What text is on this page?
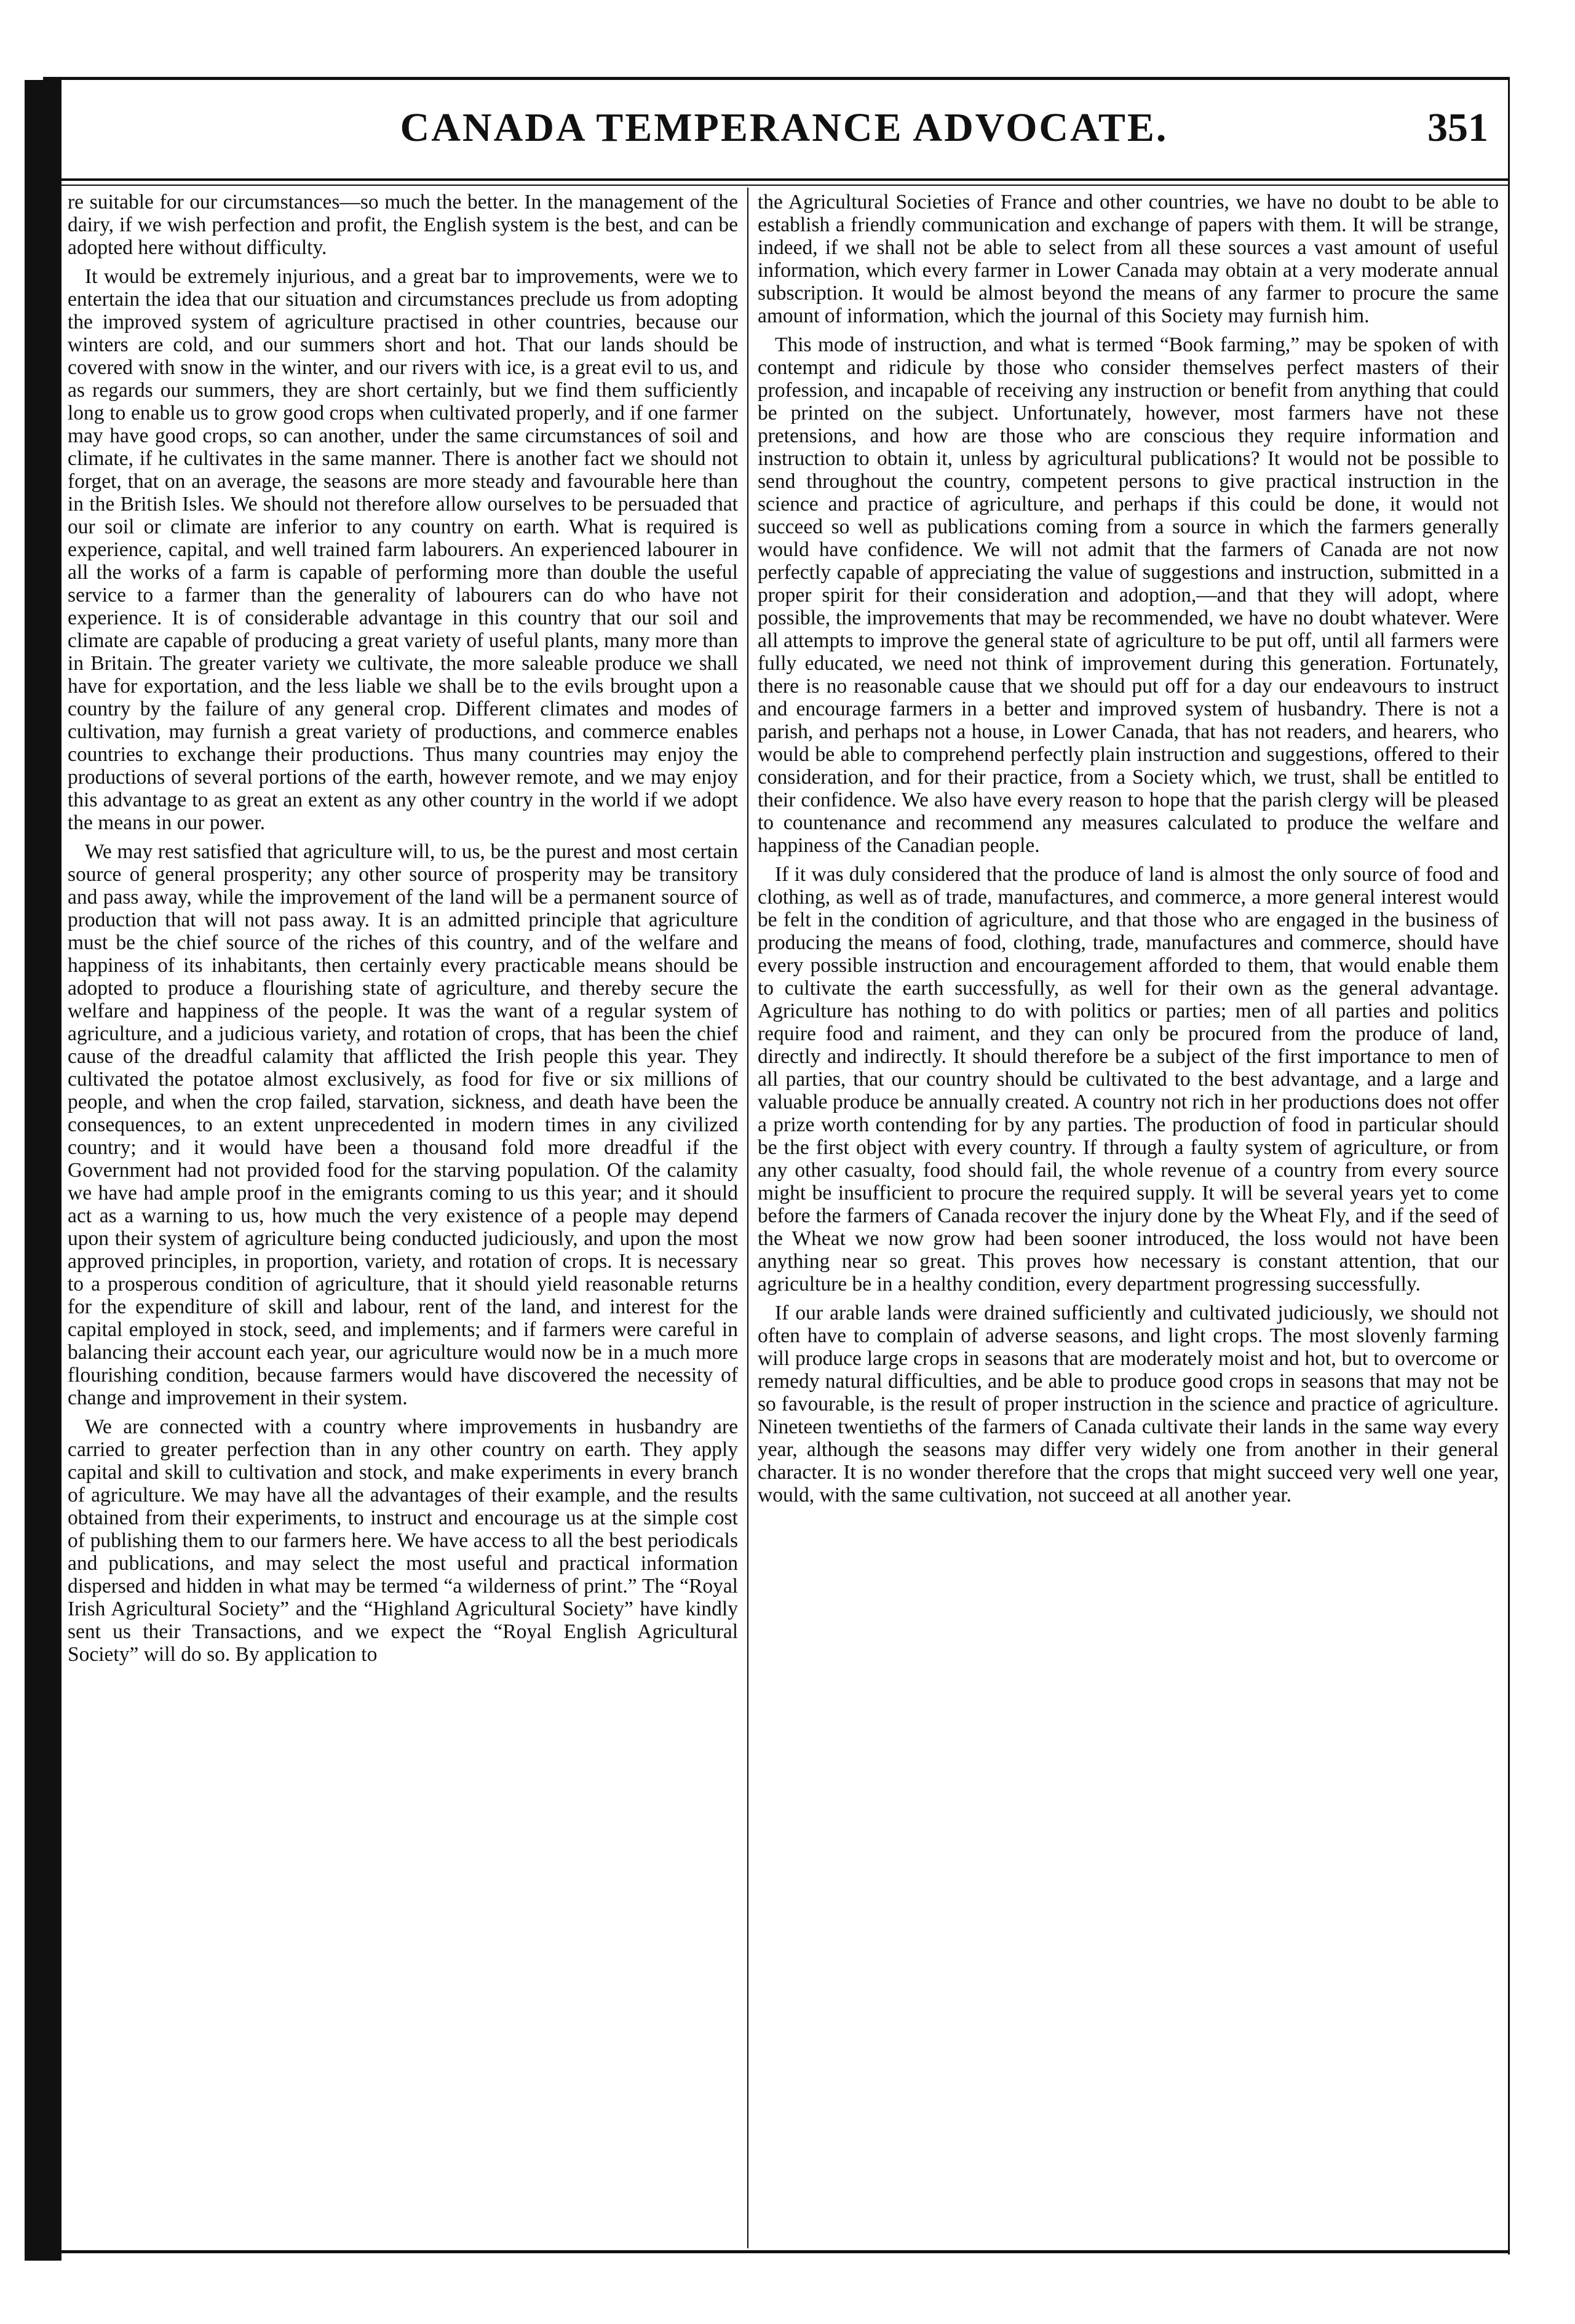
CANADA TEMPERANCE ADVOCATE.	351

re suitable for our circumstances—so much the better. In the management of the dairy, if we wish perfection and profit, the English system is the best, and can be adopted here without difficulty.

It would be extremely injurious, and a great bar to improvements, were we to entertain the idea that our situation and circumstances preclude us from adopting the improved system of agriculture practised in other countries, because our winters are cold, and our summers short and hot. That our lands should be covered with snow in the winter, and our rivers with ice, is a great evil to us, and as regards our summers, they are short certainly, but we find them sufficiently long to enable us to grow good crops when cultivated properly, and if one farmer may have good crops, so can another, under the same circumstances of soil and climate, if he cultivates in the same manner. There is another fact we should not forget, that on an average, the seasons are more steady and favourable here than in the British Isles. We should not therefore allow ourselves to be persuaded that our soil or climate are inferior to any country on earth. What is required is experience, capital, and well trained farm labourers. An experienced labourer in all the works of a farm is capable of performing more than double the useful service to a farmer than the generality of labourers can do who have not experience. It is of considerable advantage in this country that our soil and climate are capable of producing a great variety of useful plants, many more than in Britain. The greater variety we cultivate, the more saleable produce we shall have for exportation, and the less liable we shall be to the evils brought upon a country by the failure of any general crop. Different climates and modes of cultivation, may furnish a great variety of productions, and commerce enables countries to exchange their productions. Thus many countries may enjoy the productions of several portions of the earth, however remote, and we may enjoy this advantage to as great an extent as any other country in the world if we adopt the means in our power.

We may rest satisfied that agriculture will, to us, be the purest and most certain source of general prosperity; any other source of prosperity may be transitory and pass away, while the improvement of the land will be a permanent source of production that will not pass away. It is an admitted principle that agriculture must be the chief source of the riches of this country, and of the welfare and happiness of its inhabitants, then certainly every practicable means should be adopted to produce a flourishing state of agriculture, and thereby secure the welfare and happiness of the people. It was the want of a regular system of agriculture, and a judicious variety, and rotation of crops, that has been the chief cause of the dreadful calamity that afflicted the Irish people this year. They cultivated the potatoe almost exclusively, as food for five or six millions of people, and when the crop failed, starvation, sickness, and death have been the consequences, to an extent unprecedented in modern times in any civilized country; and it would have been a thousand fold more dreadful if the Government had not provided food for the starving population. Of the calamity we have had ample proof in the emigrants coming to us this year; and it should act as a warning to us, how much the very existence of a people may depend upon their system of agriculture being conducted judiciously, and upon the most approved principles, in proportion, variety, and rotation of crops. It is necessary to a prosperous condition of agriculture, that it should yield reasonable returns for the expenditure of skill and labour, rent of the land, and interest for the capital employed in stock, seed, and implements; and if farmers were careful in balancing their account each year, our agriculture would now be in a much more flourishing condition, because farmers would have discovered the necessity of change and improvement in their system.

We are connected with a country where improvements in husbandry are carried to greater perfection than in any other country on earth. They apply capital and skill to cultivation and stock, and make experiments in every branch of agriculture. We may have all the advantages of their example, and the results obtained from their experiments, to instruct and encourage us at the simple cost of publishing them to our farmers here. We have access to all the best periodicals and publications, and may select the most useful and practical information dispersed and hidden in what may be termed “a wilderness of print.” The “Royal Irish Agricultural Society” and the “Highland Agricultural Society” have kindly sent us their Transactions, and we expect the “Royal English Agricultural Society” will do so. By application to

the Agricultural Societies of France and other countries, we have no doubt to be able to establish a friendly communication and exchange of papers with them. It will be strange, indeed, if we shall not be able to select from all these sources a vast amount of useful information, which every farmer in Lower Canada may obtain at a very moderate annual subscription. It would be almost beyond the means of any farmer to procure the same amount of information, which the journal of this Society may furnish him.

This mode of instruction, and what is termed “Book farming,” may be spoken of with contempt and ridicule by those who consider themselves perfect masters of their profession, and incapable of receiving any instruction or benefit from anything that could be printed on the subject. Unfortunately, however, most farmers have not these pretensions, and how are those who are conscious they require information and instruction to obtain it, unless by agricultural publications? It would not be possible to send throughout the country, competent persons to give practical instruction in the science and practice of agriculture, and perhaps if this could be done, it would not succeed so well as publications coming from a source in which the farmers generally would have confidence. We will not admit that the farmers of Canada are not now perfectly capable of appreciating the value of suggestions and instruction, submitted in a proper spirit for their consideration and adoption,—and that they will adopt, where possible, the improvements that may be recommended, we have no doubt whatever. Were all attempts to improve the general state of agriculture to be put off, until all farmers were fully educated, we need not think of improvement during this generation. Fortunately, there is no reasonable cause that we should put off for a day our endeavours to instruct and encourage farmers in a better and improved system of husbandry. There is not a parish, and perhaps not a house, in Lower Canada, that has not readers, and hearers, who would be able to comprehend perfectly plain instruction and suggestions, offered to their consideration, and for their practice, from a Society which, we trust, shall be entitled to their confidence. We also have every reason to hope that the parish clergy will be pleased to countenance and recommend any measures calculated to produce the welfare and happiness of the Canadian people.

If it was duly considered that the produce of land is almost the only source of food and clothing, as well as of trade, manufactures, and commerce, a more general interest would be felt in the condition of agriculture, and that those who are engaged in the business of producing the means of food, clothing, trade, manufactures and commerce, should have every possible instruction and encouragement afforded to them, that would enable them to cultivate the earth successfully, as well for their own as the general advantage. Agriculture has nothing to do with politics or parties; men of all parties and politics require food and raiment, and they can only be procured from the produce of land, directly and indirectly. It should therefore be a subject of the first importance to men of all parties, that our country should be cultivated to the best advantage, and a large and valuable produce be annually created. A country not rich in her productions does not offer a prize worth contending for by any parties. The production of food in particular should be the first object with every country. If through a faulty system of agriculture, or from any other casualty, food should fail, the whole revenue of a country from every source might be insufficient to procure the required supply. It will be several years yet to come before the farmers of Canada recover the injury done by the Wheat Fly, and if the seed of the Wheat we now grow had been sooner introduced, the loss would not have been anything near so great. This proves how necessary is constant attention, that our agriculture be in a healthy condition, every department progressing successfully.

If our arable lands were drained sufficiently and cultivated judiciously, we should not often have to complain of adverse seasons, and light crops. The most slovenly farming will produce large crops in seasons that are moderately moist and hot, but to overcome or remedy natural difficulties, and be able to produce good crops in seasons that may not be so favourable, is the result of proper instruction in the science and practice of agriculture. Nineteen twentieths of the farmers of Canada cultivate their lands in the same way every year, although the seasons may differ very widely one from another in their general character. It is no wonder therefore that the crops that might succeed very well one year, would, with the same cultivation, not succeed at all another year.
